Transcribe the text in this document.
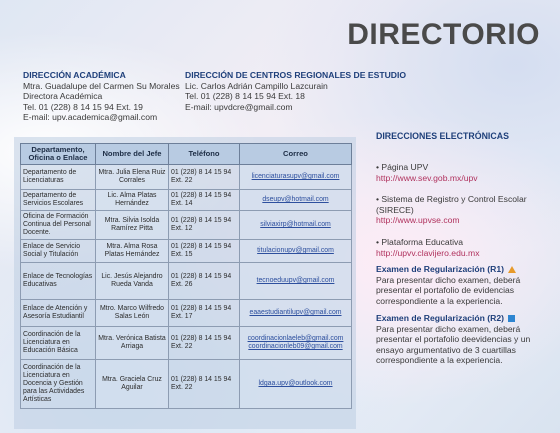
DIRECTORIO
DIRECCIÓN ACADÉMICA
Mtra. Guadalupe del Carmen Su Morales
Directora Académica
Tel. 01 (228) 8 14 15 94 Ext. 19
E-mail: upv.academica@gmail.com
DIRECCIÓN DE CENTROS REGIONALES DE ESTUDIO
Lic. Carlos Adrián Campillo Lazcurain
Tel. 01 (228) 8 14 15 94 Ext. 18
E-mail: upvdcre@gmail.com
Departamento, Oficina o Enlace	Nombre del Jefe	Teléfono	Correo
Departamento de Licenciaturas	Mtra. Julia Elena Ruiz Corrales	01 (228) 8 14 15 94 Ext. 22	licenciaturasupv@gmail.com

Departamento de Servicios Escolares	Lic. Alma Platas Hernández	01 (228) 8 14 15 94 Ext. 14	dseupv@hotmail.com

Oficina de Formación Continua del Personal Docente.	Mtra. Silvia Isolda Ramírez Pitta	01 (228) 8 14 15 94 Ext. 12	silviaxirp@hotmail.com

Enlace de Servicio Social y Titulación	Mtra. Alma Rosa Platas Hernández	01 (228) 8 14 15 94 Ext. 15	titulacionupv@gmail.com

Enlace de Tecnologías Educativas	Lic. Jesús Alejandro Rueda Vanda	01 (228) 8 14 15 94 Ext. 26	tecnoeduupv@gmail.com

Enlace de Atención y Asesoría Estudiantil	Mtro. Marco Wilfredo Salas León	01 (228) 8 14 15 94 Ext. 17	eaaestudiantilupv@gmail.com

Coordinación de la Licenciatura en Educación Básica	Mtra. Verónica Batista Arriaga	01 (228) 8 14 15 94 Ext. 22	coordinacionlaeleb@gmail.com
coordinacionleb09@gmail.com

Coordinación de la Licenciatura en Docencia y Gestión para las Actividades Artísticas	Mtra. Graciela Cruz Aguilar	01 (228) 8 14 15 94 Ext. 22	ldgaa.upv@outlook.com
DIRECCIONES ELECTRÓNICAS
• Página UPV
http://www.sev.gob.mx/upv
• Sistema de Registro y Control Escolar (SIRECE)
http://www.upvse.com
• Plataforma Educativa
http://upvv.clavijero.edu.mx
Examen de Regularización (R1)
Para presentar dicho examen, deberá presentar el portafolio de evidencias correspondiente a la experiencia.
Examen de Regularización (R2)
Para presentar dicho examen, deberá presentar el portafolio deevidencias y un ensayo argumentativo de 3 cuartillas correspondiente a la experiencia.
